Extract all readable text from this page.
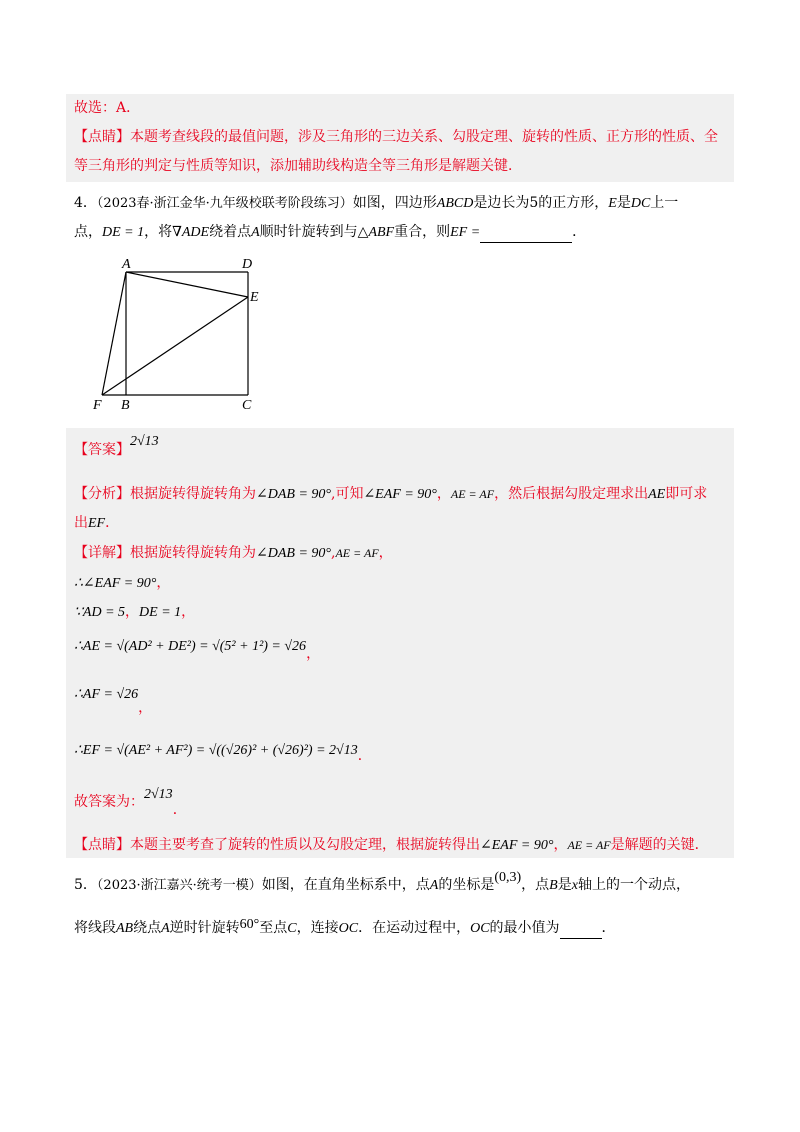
故选：A．
【点睛】本题考查线段的最值问题，涉及三角形的三边关系、勾股定理、旋转的性质、正方形的性质、全
等三角形的判定与性质等知识，添加辅助线构造全等三角形是解题关键．
4．（2023春·浙江金华·九年级校联考阶段练习）如图，四边形ABCD是边长为5的正方形，E是DC上一
点，DE = 1，将∇ADE绕着点A顺时针旋转到与△ABF重合，则EF =	．
A	D
E
F B	C
【答案】2√13
【分析】根据旋转得旋转角为∠DAB = 90°,可知∠EAF = 90°，AE = AF，然后根据勾股定理求出AE即可求
出EF．
【详解】根据旋转得旋转角为∠DAB = 90°,AE = AF，
∴∠EAF = 90°，
∵AD = 5，DE = 1，
∴AE = √(AD² + DE²) = √(5² + 1²) = √26，
∴AF = √26，
∴EF = √(AE² + AF²) = √((√26)² + (√26)²) = 2√13．
故答案为：2√13．
【点睛】本题主要考查了旋转的性质以及勾股定理，根据旋转得出∠EAF = 90°，AE = AF是解题的关键．
5．（2023·浙江嘉兴·统考一模）如图，在直角坐标系中，点A的坐标是(0,3)，点B是x轴上的一个动点，
将线段AB绕点A逆时针旋转60°至点C，连接OC．在运动过程中，OC的最小值为	．
